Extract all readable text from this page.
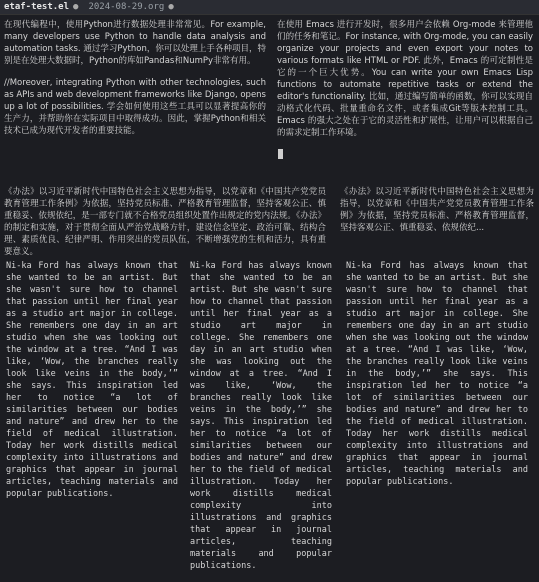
etaf-test.el ● 2024-08-29.org ●

在现代编程中，使用Python进行数据处理非常常见。For example, many developers use Python to handle data analysis and automation tasks. 通过学习Python，你可以处理上手各种项目，特别是在处理大数据时，Python的库如Pandas和NumPy非常有用。

//Moreover, integrating Python with other technologies, such as APIs and web development frameworks like Django, opens up a lot of possibilities. 学会如何使用这些工具可以显著提高你的生产力，并帮助你在实际项目中取得成功。因此，掌握Python和相关技术已成为现代开发者的重要技能。

在使用 Emacs 进行开发时，很多用户会依赖 Org-mode 来管理他们的任务和笔记。For instance, with Org-mode, you can easily organize your projects and even export your notes to various formats like HTML or PDF. 此外，Emacs 的可定制性是它的一个巨大优势。You can write your own Emacs Lisp functions to automate repetitive tasks or extend the editor's functionality. 比如，通过编写简单的函数，你可以实现自动格式化代码、批量重命名文件，或者集成Git等版本控制工具。Emacs 的强大之处在于它的灵活性和扩展性，让用户可以根据自己的需求定制工作环境。

《办法》以习近平新时代中国特色社会主义思想为指导，以党章和《中国共产党党员教育管理工作条例》为依据，坚持党员标准、严格教育管理监督，坚持客观公正、慎重稳妥、依规依纪，是一部专门就不合格党员组织处置作出规定的党内法规。《办法》的制定和实施，对于贯彻全面从严治党战略方针，建设信念坚定、政治可靠、结构合理、素质优良、纪律严明、作用突出的党员队伍，不断增强党的生机和活力，具有重要意义。

《办法》以习近平新时代中国特色社会主义思想为指导，以党章和《中国共产党党员教育管理工作条例》为依据，坚持党员标准、严格教育管理监督，坚持客观公正、慎重稳妥、依规依纪...

Ni-ka Ford has always known that she wanted to be an artist. But she wasn't sure how to channel that passion until her final year as a studio art major in college. She remembers one day in an art studio when she was looking out the window at a tree. “And I was like, ‘Wow, the branches really look like veins in the body,’” she says. This inspiration led her to notice “a lot of similarities between our bodies and nature” and drew her to the field of medical illustration. Today her work distills medical complexity into illustrations and graphics that appear in journal articles, teaching materials and popular publications.

Ni-ka Ford has always known that she wanted to be an artist. But she wasn't sure how to channel that passion until her final year as a studio art major in college. She remembers one day in an art studio when she was looking out the window at a tree. “And I was like, ‘Wow, the branches really look like veins in the body,’” she says. This inspiration led her to notice “a lot of similarities between our bodies and nature” and drew her to the field of medical illustration. Today her work distills medical complexity into illustrations and graphics that appear in journal articles, teaching materials and popular publications.

Ni-ka Ford has always known that she wanted to be an artist. But she wasn't sure how to channel that passion until her final year as a studio art major in college. She remembers one day in an art studio when she was looking out the window at a tree. “And I was like, ‘Wow, the branches really look like veins in the body,’” she says. This inspiration led her to notice “a lot of similarities between our bodies and nature” and drew her to the field of medical illustration. Today her work distills medical complexity into illustrations and graphics that appear in journal articles, teaching materials and popular publications.
